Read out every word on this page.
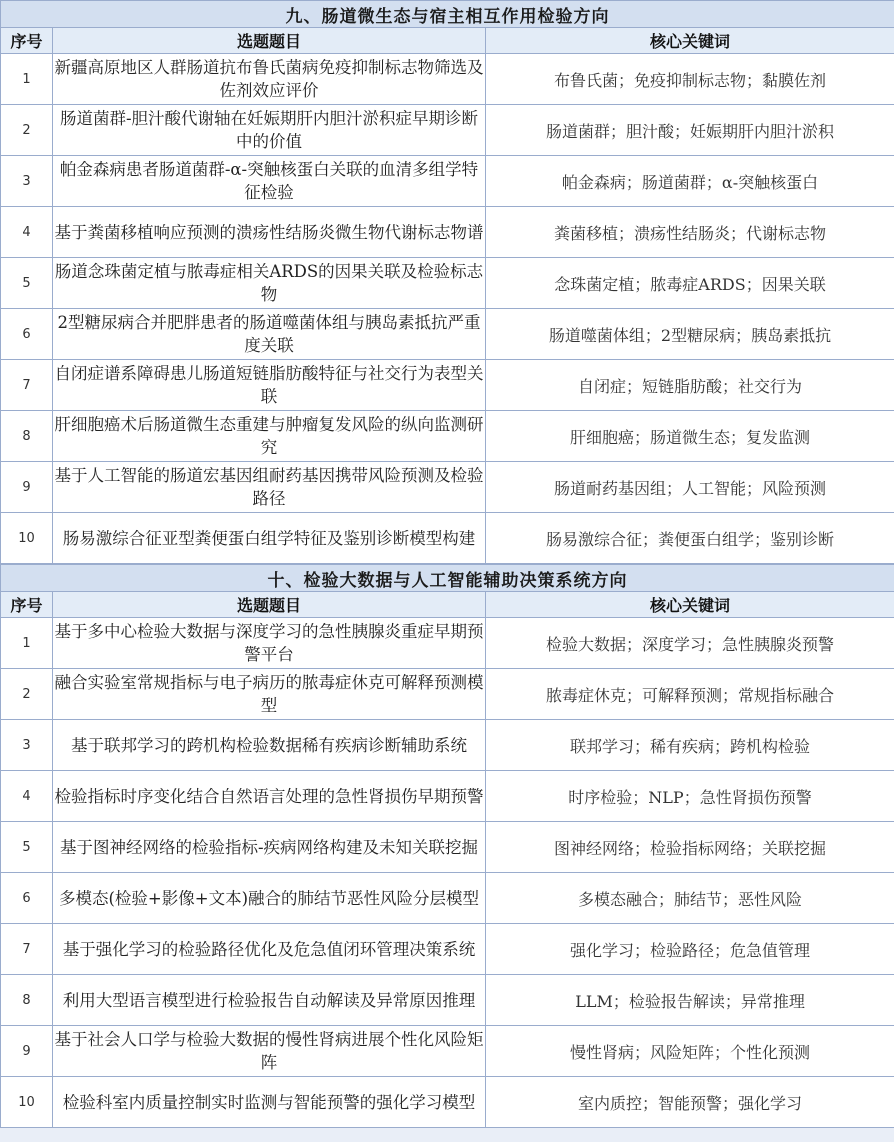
九、肠道微生态与宿主相互作用检验方向		
序号	选题题目	核心关键词
1	新疆高原地区人群肠道抗布鲁氏菌病免疫抑制标志物筛选及佐剂效应评价	布鲁氏菌；免疫抑制标志物；黏膜佐剂
2	肠道菌群-胆汁酸代谢轴在妊娠期肝内胆汁淤积症早期诊断中的价值	肠道菌群；胆汁酸；妊娠期肝内胆汁淤积
3	帕金森病患者肠道菌群-α-突触核蛋白关联的血清多组学特征检验	帕金森病；肠道菌群；α-突触核蛋白
4	基于粪菌移植响应预测的溃疡性结肠炎微生物代谢标志物谱	粪菌移植；溃疡性结肠炎；代谢标志物
5	肠道念珠菌定植与脓毒症相关ARDS的因果关联及检验标志物	念珠菌定植；脓毒症ARDS；因果关联
6	2型糖尿病合并肥胖患者的肠道噬菌体组与胰岛素抵抗严重度关联	肠道噬菌体组；2型糖尿病；胰岛素抵抗
7	自闭症谱系障碍患儿肠道短链脂肪酸特征与社交行为表型关联	自闭症；短链脂肪酸；社交行为
8	肝细胞癌术后肠道微生态重建与肿瘤复发风险的纵向监测研究	肝细胞癌；肠道微生态；复发监测
9	基于人工智能的肠道宏基因组耐药基因携带风险预测及检验路径	肠道耐药基因组；人工智能；风险预测
10	肠易激综合征亚型粪便蛋白组学特征及鉴别诊断模型构建	肠易激综合征；粪便蛋白组学；鉴别诊断
十、检验大数据与人工智能辅助决策系统方向		
序号	选题题目	核心关键词
1	基于多中心检验大数据与深度学习的急性胰腺炎重症早期预警平台	检验大数据；深度学习；急性胰腺炎预警
2	融合实验室常规指标与电子病历的脓毒症休克可解释预测模型	脓毒症休克；可解释预测；常规指标融合
3	基于联邦学习的跨机构检验数据稀有疾病诊断辅助系统	联邦学习；稀有疾病；跨机构检验
4	检验指标时序变化结合自然语言处理的急性肾损伤早期预警	时序检验；NLP；急性肾损伤预警
5	基于图神经网络的检验指标-疾病网络构建及未知关联挖掘	图神经网络；检验指标网络；关联挖掘
6	多模态(检验+影像+文本)融合的肺结节恶性风险分层模型	多模态融合；肺结节；恶性风险
7	基于强化学习的检验路径优化及危急值闭环管理决策系统	强化学习；检验路径；危急值管理
8	利用大型语言模型进行检验报告自动解读及异常原因推理	LLM；检验报告解读；异常推理
9	基于社会人口学与检验大数据的慢性肾病进展个性化风险矩阵	慢性肾病；风险矩阵；个性化预测
10	检验科室内质量控制实时监测与智能预警的强化学习模型	室内质控；智能预警；强化学习
